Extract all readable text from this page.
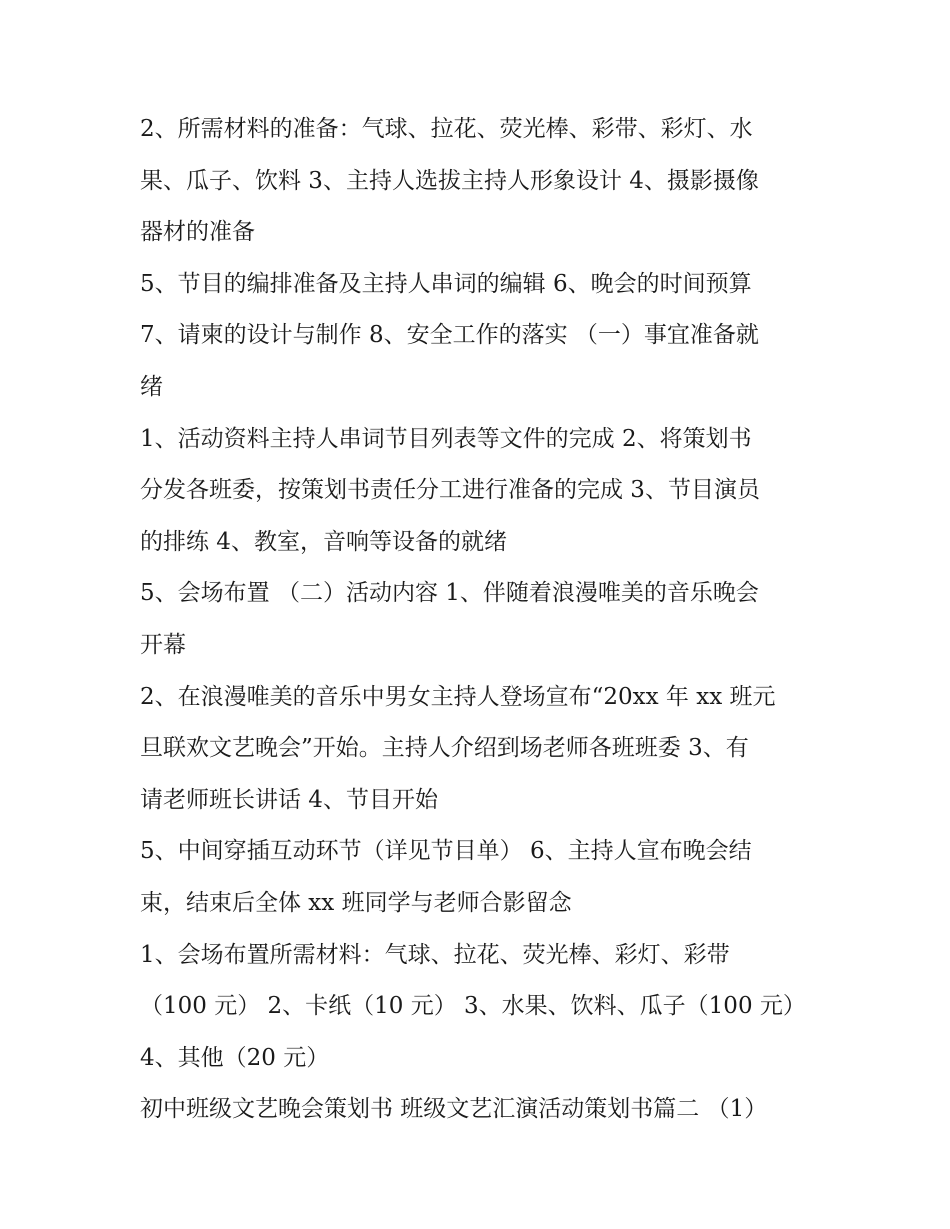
2、所需材料的准备：气球、拉花、荧光棒、彩带、彩灯、水
果、瓜子、饮料 3、主持人选拔主持人形象设计 4、摄影摄像
器材的准备
5、节目的编排准备及主持人串词的编辑 6、晚会的时间预算
7、请柬的设计与制作 8、安全工作的落实 （一）事宜准备就
绪
1、活动资料主持人串词节目列表等文件的完成 2、将策划书
分发各班委，按策划书责任分工进行准备的完成 3、节目演员
的排练 4、教室，音响等设备的就绪
5、会场布置 （二）活动内容 1、伴随着浪漫唯美的音乐晚会
开幕
2、在浪漫唯美的音乐中男女主持人登场宣布“20xx 年 xx 班元
旦联欢文艺晚会”开始。主持人介绍到场老师各班班委 3、有
请老师班长讲话 4、节目开始
5、中间穿插互动环节（详见节目单） 6、主持人宣布晚会结
束，结束后全体 xx 班同学与老师合影留念
1、会场布置所需材料：气球、拉花、荧光棒、彩灯、彩带
（100 元） 2、卡纸（10 元） 3、水果、饮料、瓜子（100 元）
4、其他（20 元）
初中班级文艺晚会策划书 班级文艺汇演活动策划书篇二 （1）
